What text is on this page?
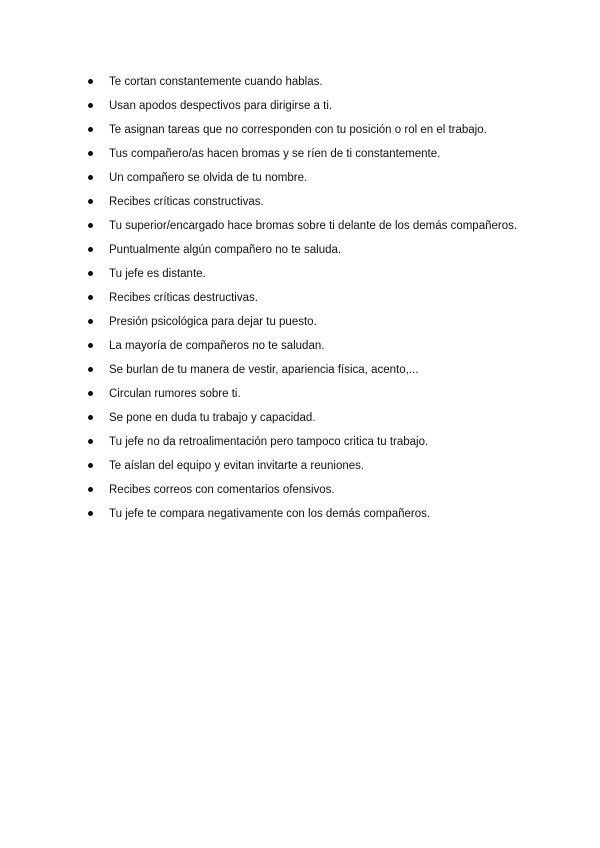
Te cortan constantemente cuando hablas.
Usan apodos despectivos para dirigirse a ti.
Te asignan tareas que no corresponden con tu posición o rol en el trabajo.
Tus compañero/as hacen bromas y se ríen de ti constantemente.
Un compañero se olvida de tu nombre.
Recibes críticas constructivas.
Tu superior/encargado hace bromas sobre ti delante de los demás compañeros.
Puntualmente algún compañero no te saluda.
Tu jefe es distante.
Recibes críticas destructivas.
Presión psicológica para dejar tu puesto.
La mayoría de compañeros no te saludan.
Se burlan de tu manera de vestir, apariencia física, acento,...
Circulan rumores sobre ti.
Se pone en duda tu trabajo y capacidad.
Tu jefe no da retroalimentación pero tampoco critica tu trabajo.
Te aíslan del equipo y evitan invitarte a reuniones.
Recibes correos con comentarios ofensivos.
Tu jefe te compara negativamente con los demás compañeros.
